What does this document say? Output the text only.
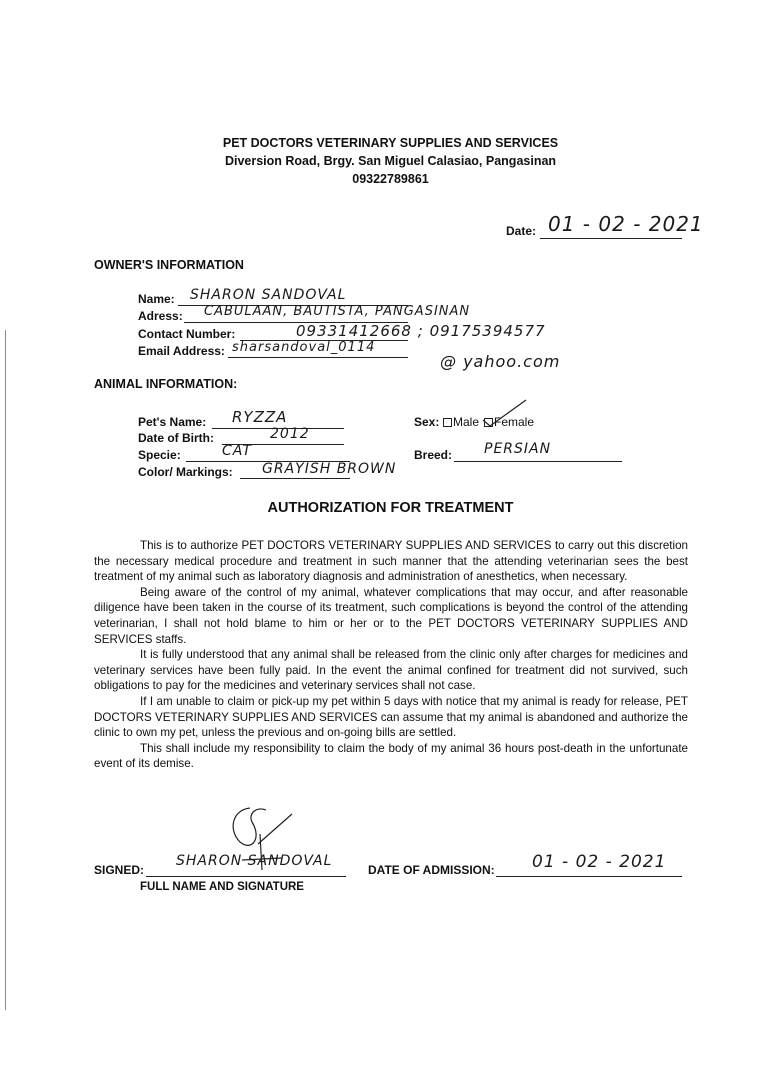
PET DOCTORS VETERINARY SUPPLIES AND SERVICES
Diversion Road, Brgy. San Miguel Calasiao, Pangasinan
09322789861
Date: 01 - 02 - 2021
OWNER'S INFORMATION
Name: SHARON SANDOVAL
Adress: CABULAAN, BAUTISTA, PANGASINAN
Contact Number:	09331412668 ; 09175394577
Email Address: sharsandoval_0114
@ yahoo.com
ANIMAL INFORMATION:
Pet's Name: RYZZA	Sex: Male Female
Date of Birth:	2012
Specie:	CAT	Breed: PERSIAN
Color/ Markings: GRAYISH BROWN
AUTHORIZATION FOR TREATMENT

This is to authorize PET DOCTORS VETERINARY SUPPLIES AND SERVICES to carry out this discretion the necessary medical procedure and treatment in such manner that the attending veterinarian sees the best treatment of my animal such as laboratory diagnosis and administration of anesthetics, when necessary.

Being aware of the control of my animal, whatever complications that may occur, and after reasonable diligence have been taken in the course of its treatment, such complications is beyond the control of the attending veterinarian, I shall not hold blame to him or her or to the PET DOCTORS VETERINARY SUPPLIES AND SERVICES staffs.

It is fully understood that any animal shall be released from the clinic only after charges for medicines and veterinary services have been fully paid. In the event the animal confined for treatment did not survived, such obligations to pay for the medicines and veterinary services shall not case.

If I am unable to claim or pick-up my pet within 5 days with notice that my animal is ready for release, PET DOCTORS VETERINARY SUPPLIES AND SERVICES can assume that my animal is abandoned and authorize the clinic to own my pet, unless the previous and on-going bills are settled.

This shall include my responsibility to claim the body of my animal 36 hours post-death in the unfortunate event of its demise.

SIGNED:
SHARON SANDOVAL
FULL NAME AND SIGNATURE
DATE OF ADMISSION: 01 - 02 - 2021
